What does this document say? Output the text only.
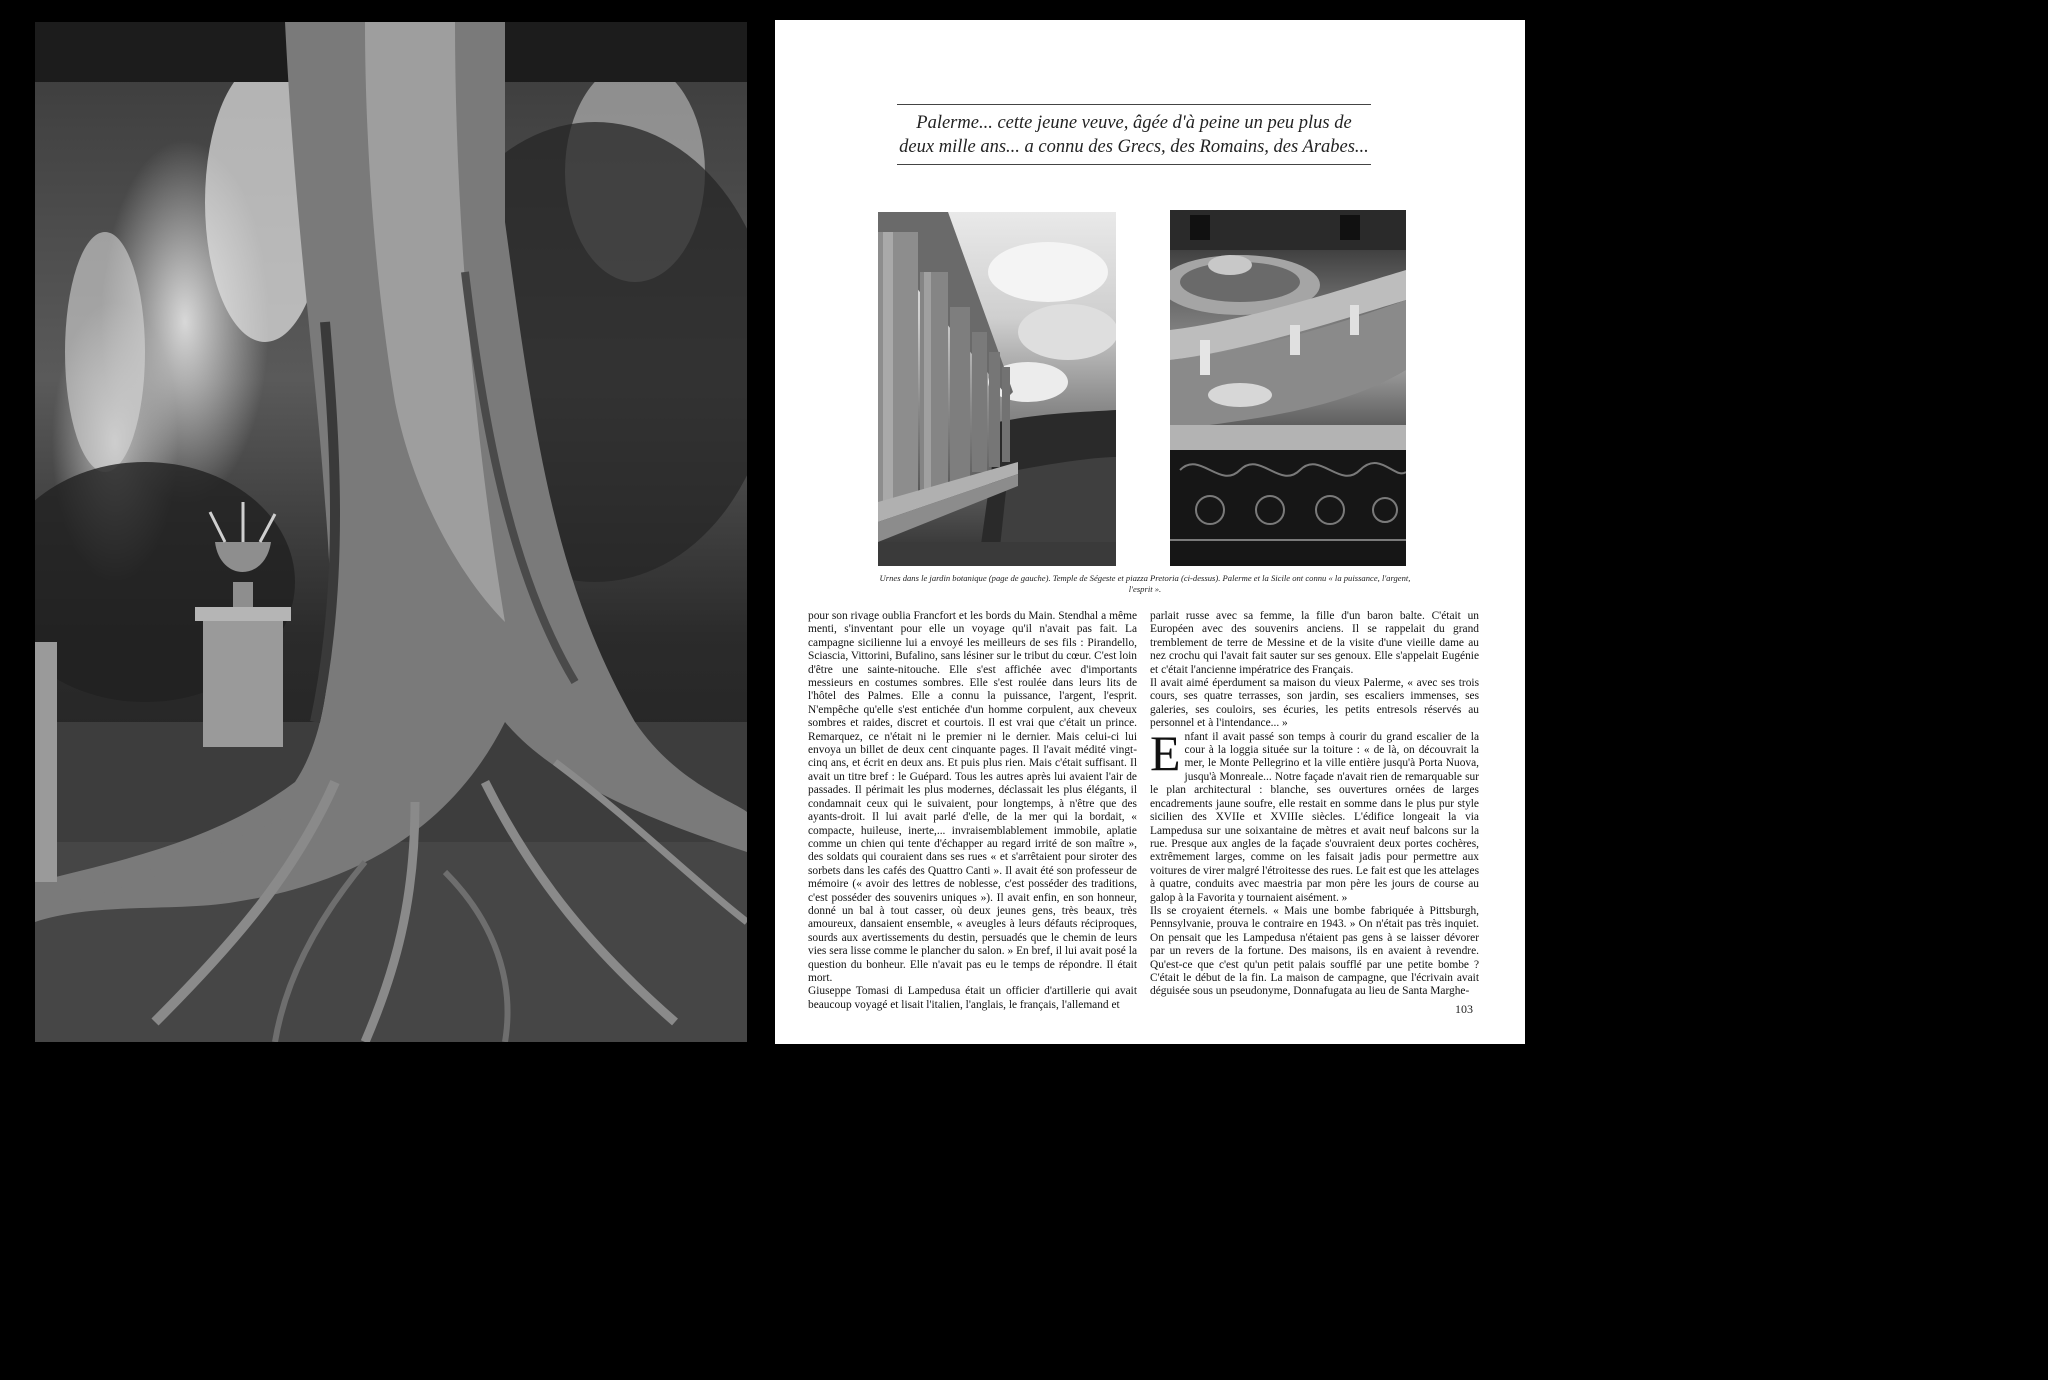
Palerme... cette jeune veuve, âgée d'à peine un peu plus de deux mille ans... a connu des Grecs, des Romains, des Arabes...
Urnes dans le jardin botanique (page de gauche). Temple de Ségeste et piazza Pretoria (ci-dessus). Palerme et la Sicile ont connu « la puissance, l'argent, l'esprit ».

pour son rivage oublia Francfort et les bords du Main. Stendhal a même menti, s'inventant pour elle un voyage qu'il n'avait pas fait. La campagne sicilienne lui a envoyé les meilleurs de ses fils : Pirandello, Sciascia, Vittorini, Bufalino, sans lésiner sur le tribut du cœur. C'est loin d'être une sainte-nitouche. Elle s'est affichée avec d'importants messieurs en costumes sombres. Elle s'est roulée dans leurs lits de l'hôtel des Palmes. Elle a connu la puissance, l'argent, l'esprit. N'empêche qu'elle s'est entichée d'un homme corpulent, aux cheveux sombres et raides, discret et courtois. Il est vrai que c'était un prince. Remarquez, ce n'était ni le premier ni le dernier. Mais celui-ci lui envoya un billet de deux cent cinquante pages. Il l'avait médité vingt-cinq ans, et écrit en deux ans. Et puis plus rien. Mais c'était suffisant. Il avait un titre bref : le Guépard. Tous les autres après lui avaient l'air de passades. Il périmait les plus modernes, déclassait les plus élégants, il condamnait ceux qui le suivaient, pour longtemps, à n'être que des ayants-droit. Il lui avait parlé d'elle, de la mer qui la bordait, « compacte, huileuse, inerte,... invraisemblablement immobile, aplatie comme un chien qui tente d'échapper au regard irrité de son maître », des soldats qui couraient dans ses rues « et s'arrêtaient pour siroter des sorbets dans les cafés des Quattro Canti ». Il avait été son professeur de mémoire (« avoir des lettres de noblesse, c'est posséder des traditions, c'est posséder des souvenirs uniques »). Il avait enfin, en son honneur, donné un bal à tout casser, où deux jeunes gens, très beaux, très amoureux, dansaient ensemble, « aveugles à leurs défauts réciproques, sourds aux avertissements du destin, persuadés que le chemin de leurs vies sera lisse comme le plancher du salon. » En bref, il lui avait posé la question du bonheur. Elle n'avait pas eu le temps de répondre. Il était mort.

Giuseppe Tomasi di Lampedusa était un officier d'artillerie qui avait beaucoup voyagé et lisait l'italien, l'anglais, le français, l'allemand et

parlait russe avec sa femme, la fille d'un baron balte. C'était un Européen avec des souvenirs anciens. Il se rappelait du grand tremblement de terre de Messine et de la visite d'une vieille dame au nez crochu qui l'avait fait sauter sur ses genoux. Elle s'appelait Eugénie et c'était l'ancienne impératrice des Français.

Il avait aimé éperdument sa maison du vieux Palerme, « avec ses trois cours, ses quatre terrasses, son jardin, ses escaliers immenses, ses galeries, ses couloirs, ses écuries, les petits entresols réservés au personnel et à l'intendance... »

Enfant il avait passé son temps à courir du grand escalier de la cour à la loggia située sur la toiture : « de là, on découvrait la mer, le Monte Pellegrino et la ville entière jusqu'à Porta Nuova, jusqu'à Monreale... Notre façade n'avait rien de remarquable sur le plan architectural : blanche, ses ouvertures ornées de larges encadrements jaune soufre, elle restait en somme dans le plus pur style sicilien des XVIIe et XVIIIe siècles. L'édifice longeait la via Lampedusa sur une soixantaine de mètres et avait neuf balcons sur la rue. Presque aux angles de la façade s'ouvraient deux portes cochères, extrêmement larges, comme on les faisait jadis pour permettre aux voitures de virer malgré l'étroitesse des rues. Le fait est que les attelages à quatre, conduits avec maestria par mon père les jours de course au galop à la Favorita y tournaient aisément. »

Ils se croyaient éternels. « Mais une bombe fabriquée à Pittsburgh, Pennsylvanie, prouva le contraire en 1943. » On n'était pas très inquiet. On pensait que les Lampedusa n'étaient pas gens à se laisser dévorer par un revers de la fortune. Des maisons, ils en avaient à revendre. Qu'est-ce que c'est qu'un petit palais soufflé par une petite bombe ? C'était le début de la fin. La maison de campagne, que l'écrivain avait déguisée sous un pseudonyme, Donnafugata au lieu de Santa Marghe-

103
